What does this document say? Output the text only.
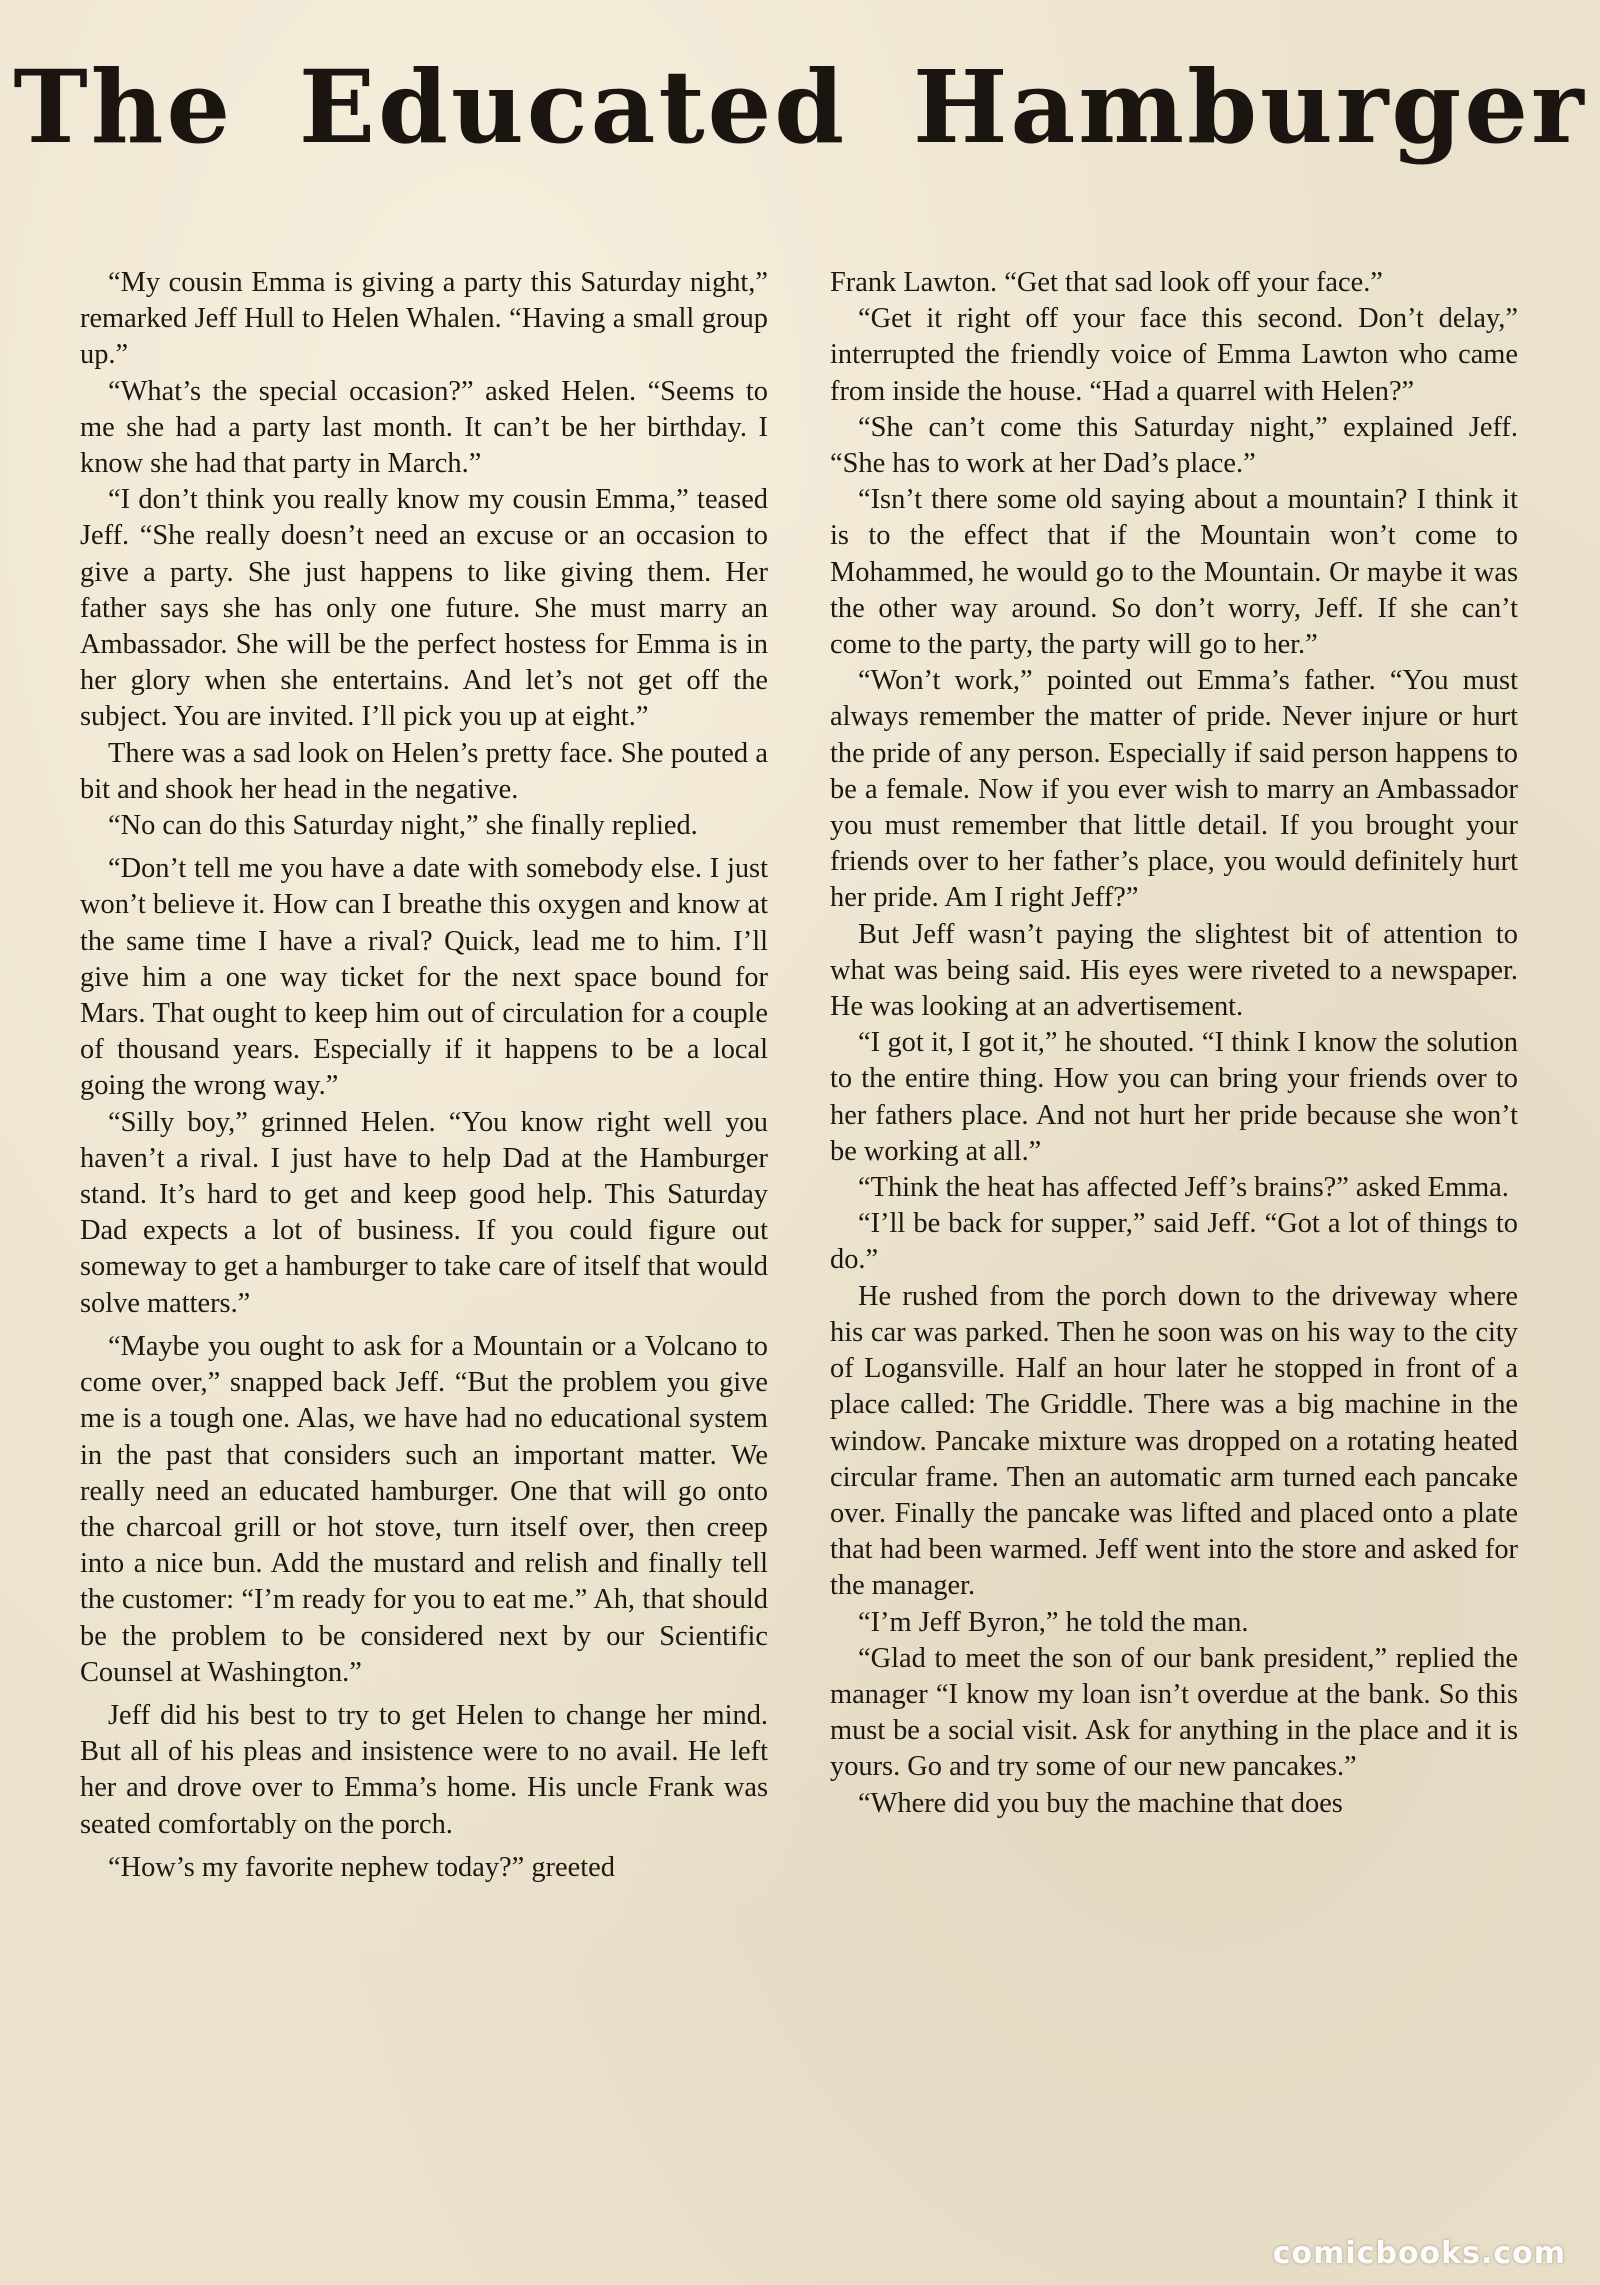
The Educated Hamburger

“My cousin Emma is giving a party this Saturday night,” remarked Jeff Hull to Helen Whalen. “Having a small group up.”

“What’s the special occasion?” asked Helen. “Seems to me she had a party last month. It can’t be her birthday. I know she had that party in March.”

“I don’t think you really know my cousin Emma,” teased Jeff. “She really doesn’t need an excuse or an occasion to give a party. She just happens to like giving them. Her father says she has only one future. She must marry an Ambassador. She will be the perfect hostess for Emma is in her glory when she entertains. And let’s not get off the subject. You are invited. I’ll pick you up at eight.”

There was a sad look on Helen’s pretty face. She pouted a bit and shook her head in the negative.

“No can do this Saturday night,” she finally replied.

“Don’t tell me you have a date with somebody else. I just won’t believe it. How can I breathe this oxygen and know at the same time I have a rival? Quick, lead me to him. I’ll give him a one way ticket for the next space bound for Mars. That ought to keep him out of circulation for a couple of thousand years. Especially if it happens to be a local going the wrong way.”

“Silly boy,” grinned Helen. “You know right well you haven’t a rival. I just have to help Dad at the Hamburger stand. It’s hard to get and keep good help. This Saturday Dad expects a lot of business. If you could figure out someway to get a hamburger to take care of itself that would solve matters.”

“Maybe you ought to ask for a Mountain or a Volcano to come over,” snapped back Jeff. “But the problem you give me is a tough one. Alas, we have had no educational system in the past that considers such an important matter. We really need an educated hamburger. One that will go onto the charcoal grill or hot stove, turn itself over, then creep into a nice bun. Add the mustard and relish and finally tell the customer: “I’m ready for you to eat me.” Ah, that should be the problem to be considered next by our Scientific Counsel at Washington.”

Jeff did his best to try to get Helen to change her mind. But all of his pleas and insistence were to no avail. He left her and drove over to Emma’s home. His uncle Frank was seated comfortably on the porch.

“How’s my favorite nephew today?” greeted

Frank Lawton. “Get that sad look off your face.”

“Get it right off your face this second. Don’t delay,” interrupted the friendly voice of Emma Lawton who came from inside the house. “Had a quarrel with Helen?”

“She can’t come this Saturday night,” explained Jeff. “She has to work at her Dad’s place.”

“Isn’t there some old saying about a mountain? I think it is to the effect that if the Mountain won’t come to Mohammed, he would go to the Mountain. Or maybe it was the other way around. So don’t worry, Jeff. If she can’t come to the party, the party will go to her.”

“Won’t work,” pointed out Emma’s father. “You must always remember the matter of pride. Never injure or hurt the pride of any person. Especially if said person happens to be a female. Now if you ever wish to marry an Ambassador you must remember that little detail. If you brought your friends over to her father’s place, you would definitely hurt her pride. Am I right Jeff?”

But Jeff wasn’t paying the slightest bit of attention to what was being said. His eyes were riveted to a newspaper. He was looking at an advertisement.

“I got it, I got it,” he shouted. “I think I know the solution to the entire thing. How you can bring your friends over to her fathers place. And not hurt her pride because she won’t be working at all.”

“Think the heat has affected Jeff’s brains?” asked Emma.

“I’ll be back for supper,” said Jeff. “Got a lot of things to do.”

He rushed from the porch down to the driveway where his car was parked. Then he soon was on his way to the city of Logansville. Half an hour later he stopped in front of a place called: The Griddle. There was a big machine in the window. Pancake mixture was dropped on a rotating heated circular frame. Then an automatic arm turned each pancake over. Finally the pancake was lifted and placed onto a plate that had been warmed. Jeff went into the store and asked for the manager.

“I’m Jeff Byron,” he told the man.

“Glad to meet the son of our bank president,” replied the manager “I know my loan isn’t overdue at the bank. So this must be a social visit. Ask for anything in the place and it is yours. Go and try some of our new pancakes.”

“Where did you buy the machine that does

comicbooks.com
